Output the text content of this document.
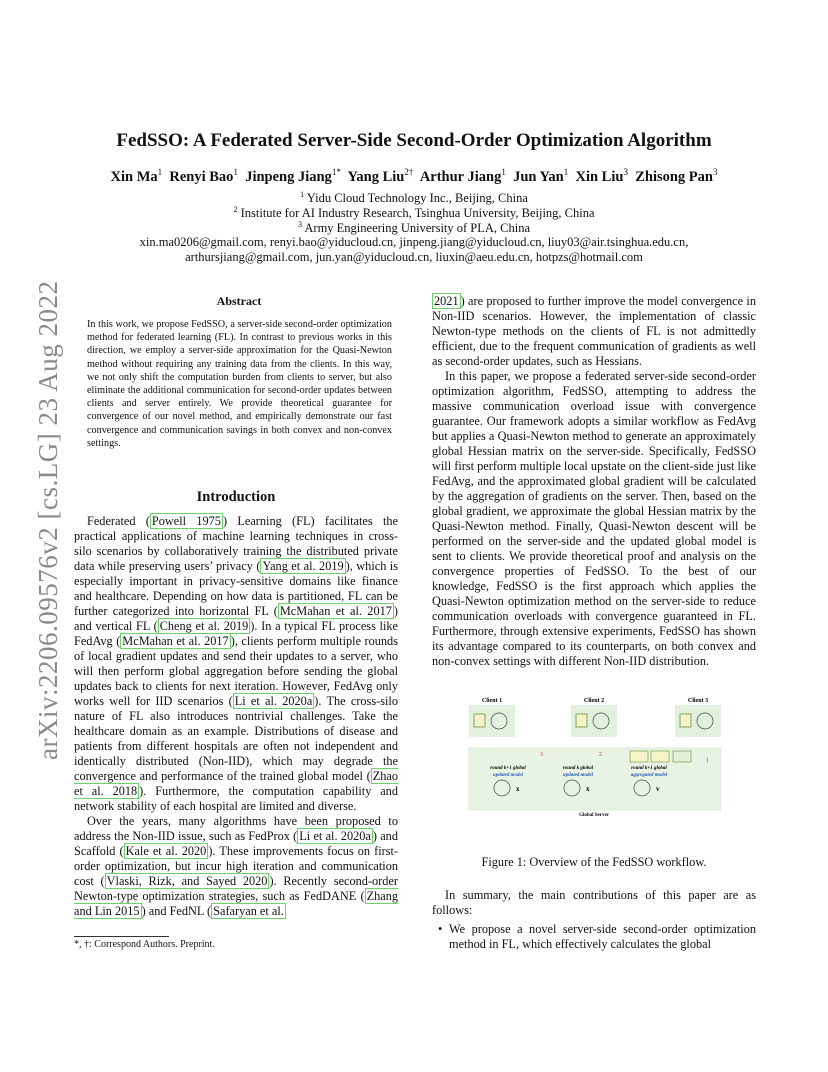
arXiv:2206.09576v2 [cs.LG] 23 Aug 2022
FedSSO: A Federated Server-Side Second-Order Optimization Algorithm
Xin Ma$^1$ Renyi Bao$^1$ Jinpeng Jiang$^{1*}$ Yang Liu$^{2\dagger}$ Arthur Jiang$^1$ Jun Yan$^1$ Xin Liu$^3$ Zhisong Pan$^3$
$^1$ Yidu Cloud Technology Inc., Beijing, China
$^2$ Institute for AI Industry Research, Tsinghua University, Beijing, China
$^3$ Army Engineering University of PLA, China
xin.ma0206@gmail.com, renyi.bao@yiducloud.cn, jinpeng.jiang@yiducloud.cn, liuy03@air.tsinghua.edu.cn,
arthursjiang@gmail.com, jun.yan@yiducloud.cn, liuxin@aeu.edu.cn, hotpzs@hotmail.com
Abstract
In this work, we propose FedSSO, a server-side second-order optimization method for federated learning (FL). In contrast to previous works in this direction, we employ a server-side approximation for the Quasi-Newton method without requiring any training data from the clients. In this way, we not only shift the computation burden from clients to server, but also eliminate the additional communication for second-order updates between clients and server entirely. We provide theoretical guarantee for convergence of our novel method, and empirically demonstrate our fast convergence and communication savings in both convex and non-convex settings.
Introduction

Federated ( Powell 1975 ) Learning (FL) facilitates the practical applications of machine learning techniques in cross-silo scenarios by collaboratively training the distributed private data while preserving users’ privacy ( Yang et al. 2019 ), which is especially important in privacy-sensitive domains like finance and healthcare. Depending on how data is partitioned, FL can be further categorized into horizontal FL ( McMahan et al. 2017 ) and vertical FL ( Cheng et al. 2019 ). In a typical FL process like FedAvg ( McMahan et al. 2017 ), clients perform multiple rounds of local gradient updates and send their updates to a server, who will then perform global aggregation before sending the global updates back to clients for next iteration. However, FedAvg only works well for IID scenarios ( Li et al. 2020a ). The cross-silo nature of FL also introduces nontrivial challenges. Take the healthcare domain as an example. Distributions of disease and patients from different hospitals are often not independent and identically distributed (Non-IID), which may degrade the convergence and performance of the trained global model ( Zhao et al. 2018 ). Furthermore, the computation capability and network stability of each hospital are limited and diverse.

Over the years, many algorithms have been proposed to address the Non-IID issue, such as FedProx ( Li et al. 2020a ) and Scaffold ( Kale et al. 2020 ). These improvements focus on first-order optimization, but incur high iteration and communication cost ( Vlaski, Rizk, and Sayed 2020 ). Recently second-order Newton-type optimization strategies, such as FedDANE ( Zhang and Lin 2015 ) and FedNL ( Safaryan et al.

*, †: Correspond Authors. Preprint.

2021 ) are proposed to further improve the model convergence in Non-IID scenarios. However, the implementation of classic Newton-type methods on the clients of FL is not admittedly efficient, due to the frequent communication of gradients as well as second-order updates, such as Hessians.

In this paper, we propose a federated server-side second-order optimization algorithm, FedSSO, attempting to address the massive communication overload issue with convergence guarantee. Our framework adopts a similar workflow as FedAvg but applies a Quasi-Newton method to generate an approximately global Hessian matrix on the server-side. Specifically, FedSSO will first perform multiple local upstate on the client-side just like FedAvg, and the approximated global gradient will be calculated by the aggregation of gradients on the server. Then, based on the global gradient, we approximate the global Hessian matrix by the Quasi-Newton method. Finally, Quasi-Newton descent will be performed on the server-side and the updated global model is sent to clients. We provide theoretical proof and analysis on the convergence properties of FedSSO. To the best of our knowledge, FedSSO is the first approach which applies the Quasi-Newton optimization method on the server-side to reduce communication overloads with convergence guaranteed in FL. Furthermore, through extensive experiments, FedSSO has shown its advantage compared to its counterparts, on both convex and non-convex settings with different Non-IID distribution.

Client 1	Client 2	Client 3
3	2
1
round k+1 global
updated model
round k global
updated model
round k+1 global
aggregated model
x	x	v
Global Server
Figure 1: Overview of the FedSSO workflow.

In summary, the main contributions of this paper are as follows:

• We propose a novel server-side second-order optimization method in FL, which effectively calculates the global
